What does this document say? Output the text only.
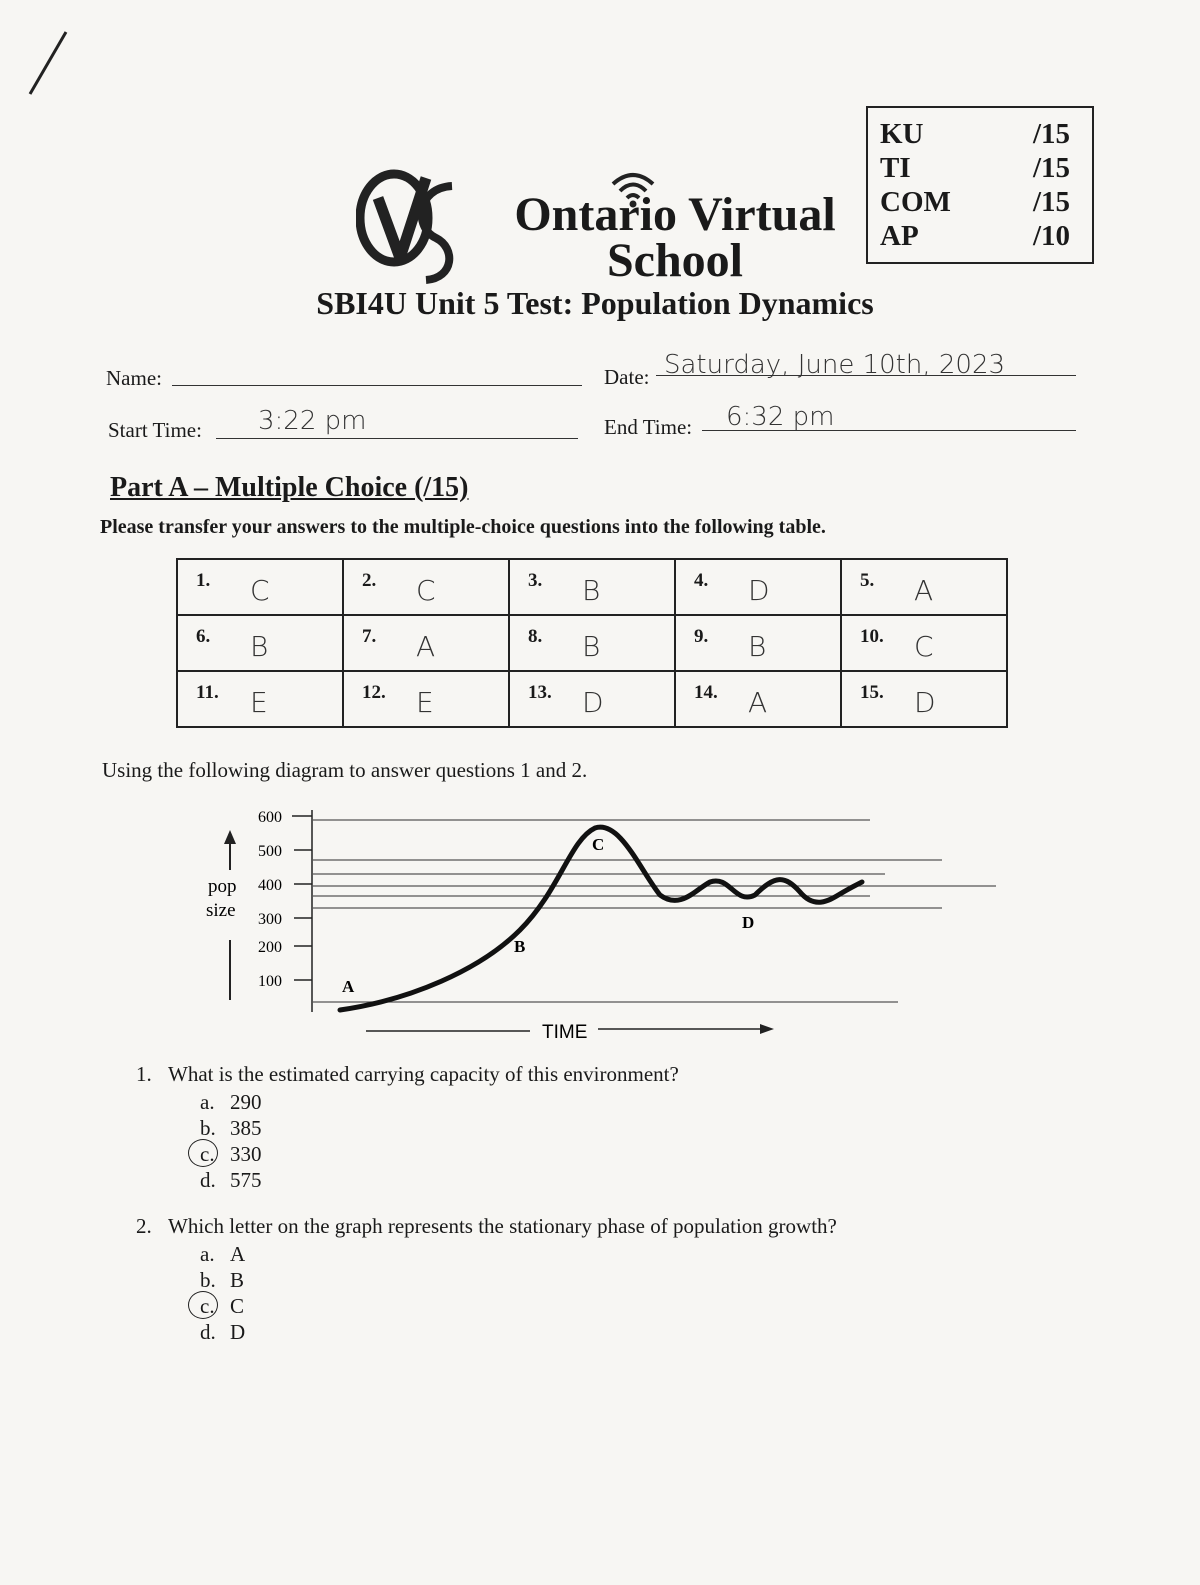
KU	/15
TI	/15
COM	/15
AP	/10
Ontario Virtual
School
SBI4U Unit 5 Test: Population Dynamics
Name:	Date: Saturday, June 10th, 2023
Start Time: 3:22 pm	End Time: 6:32 pm
Part A – Multiple Choice (/15)
Please transfer your answers to the multiple-choice questions into the following table.
1. C	2. C	3. B	4. D	5. A

6. B	7. A	8. B	9. B	10. C

11. E	12. E	13. D	14. A	15. D
Using the following diagram to answer questions 1 and 2.
pop
size
600
500
400
300
200
100	A
B
C
D
TIME
1. What is the estimated carrying capacity of this environment?
a. 290
b. 385
c. 330
d. 575
2. Which letter on the graph represents the stationary phase of population growth?
a. A
b. B
c. C
d. D
